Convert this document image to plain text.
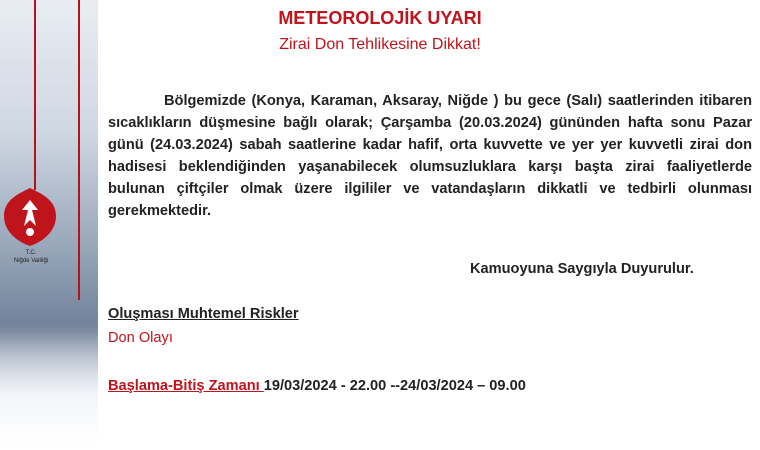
T.C.
Niğde Valiliği
METEOROLOJİK UYARI
Zirai Don Tehlikesine Dikkat!
Bölgemizde (Konya, Karaman, Aksaray, Niğde ) bu gece (Salı) saatlerinden itibaren sıcaklıkların düşmesine bağlı olarak; Çarşamba (20.03.2024) gününden hafta sonu Pazar günü (24.03.2024) sabah saatlerine kadar hafif, orta kuvvette ve yer yer kuvvetli zirai don hadisesi beklendiğinden yaşanabilecek olumsuzluklara karşı başta zirai faaliyetlerde bulunan çiftçiler olmak üzere ilgililer ve vatandaşların dikkatli ve tedbirli olunması gerekmektedir.
Kamuoyuna Saygıyla Duyurulur.
Oluşması Muhtemel Riskler
Don Olayı
Başlama-Bitiş Zamanı 19/03/2024 - 22.00 --24/03/2024 – 09.00
